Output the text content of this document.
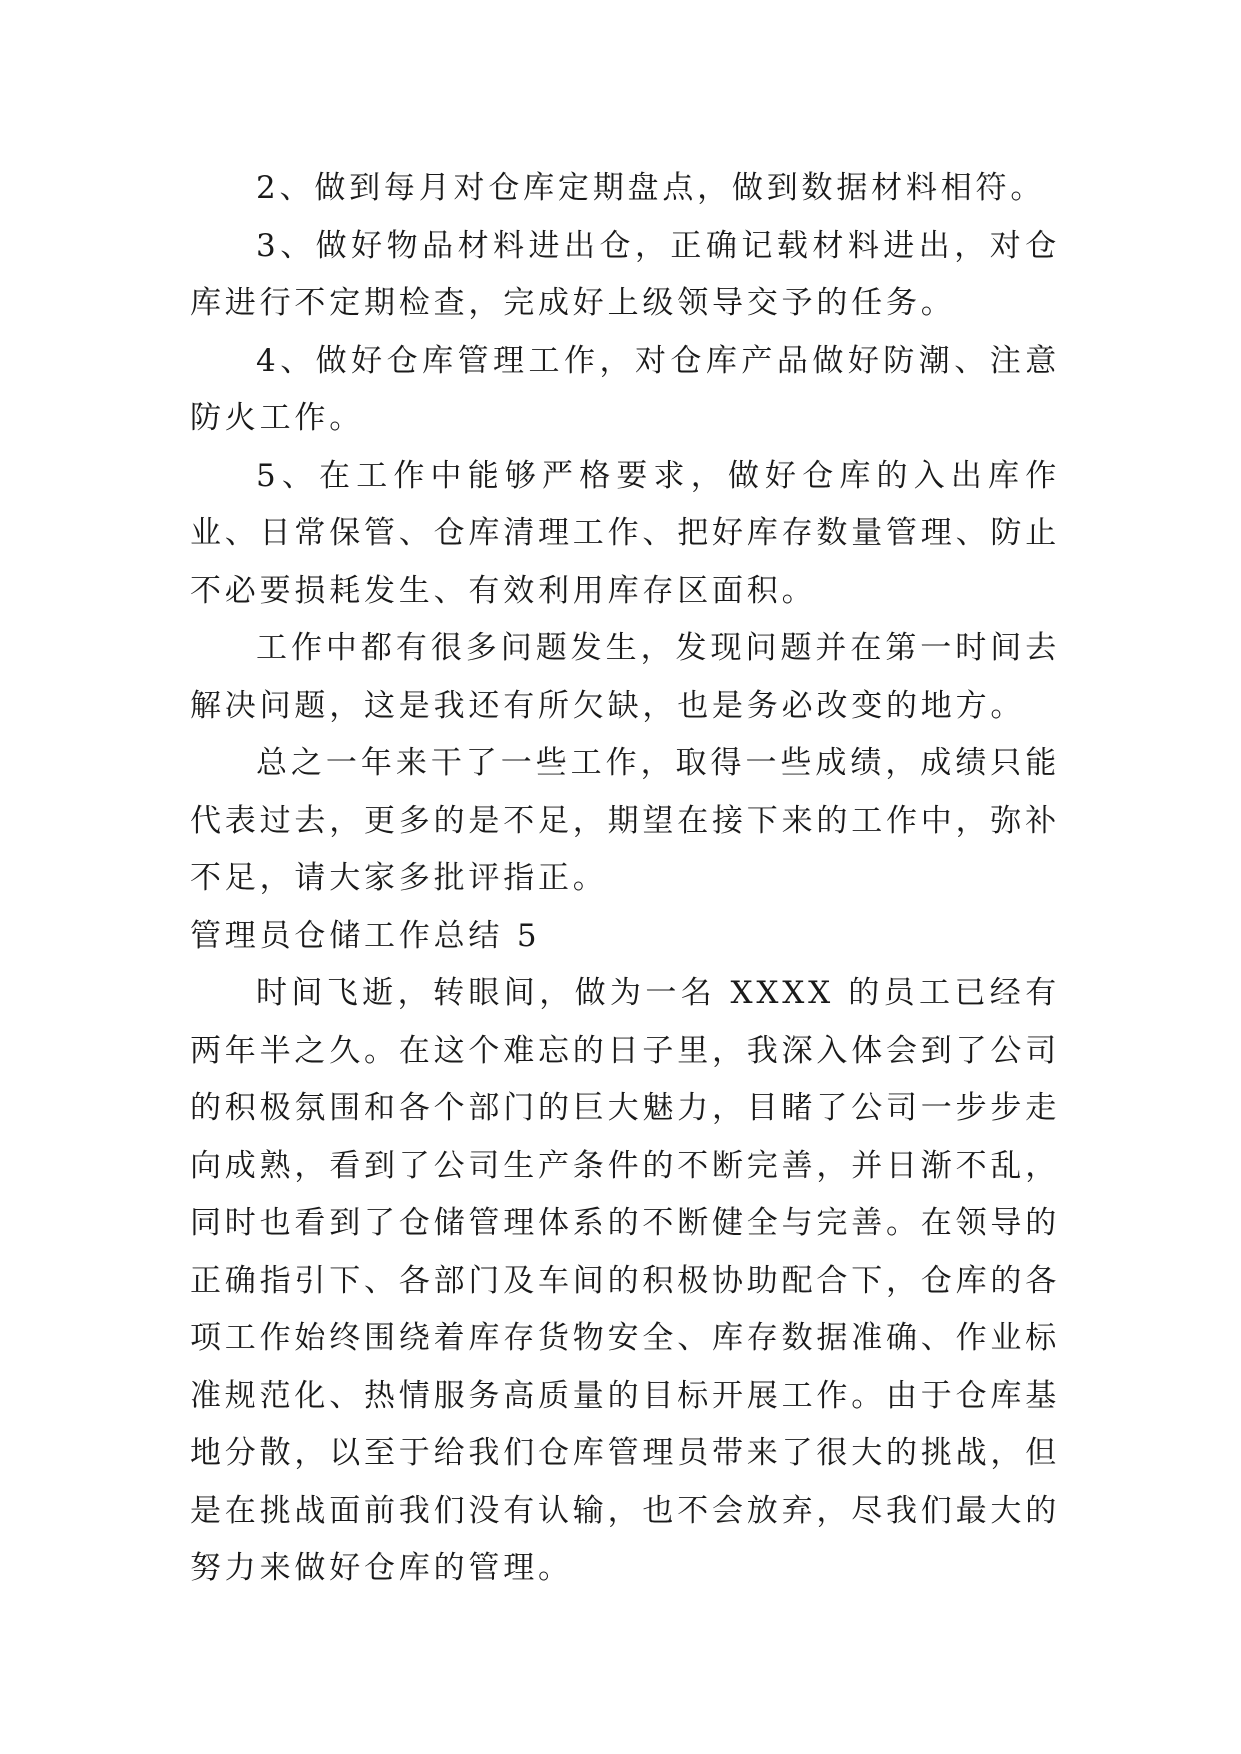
2、做到每月对仓库定期盘点，做到数据材料相符。

3、做好物品材料进出仓，正确记载材料进出，对仓库进行不定期检查，完成好上级领导交予的任务。

4、做好仓库管理工作，对仓库产品做好防潮、注意防火工作。

5、在工作中能够严格要求，做好仓库的入出库作业、日常保管、仓库清理工作、把好库存数量管理、防止不必要损耗发生、有效利用库存区面积。

工作中都有很多问题发生，发现问题并在第一时间去解决问题，这是我还有所欠缺，也是务必改变的地方。

总之一年来干了一些工作，取得一些成绩，成绩只能代表过去，更多的是不足，期望在接下来的工作中，弥补不足，请大家多批评指正。

管理员仓储工作总结 5

时间飞逝，转眼间，做为一名 XXXX 的员工已经有两年半之久。在这个难忘的日子里，我深入体会到了公司的积极氛围和各个部门的巨大魅力，目睹了公司一步步走向成熟，看到了公司生产条件的不断完善，并日渐不乱，同时也看到了仓储管理体系的不断健全与完善。在领导的正确指引下、各部门及车间的积极协助配合下，仓库的各项工作始终围绕着库存货物安全、库存数据准确、作业标准规范化、热情服务高质量的目标开展工作。由于仓库基地分散，以至于给我们仓库管理员带来了很大的挑战，但是在挑战面前我们没有认输，也不会放弃，尽我们最大的努力来做好仓库的管理。
